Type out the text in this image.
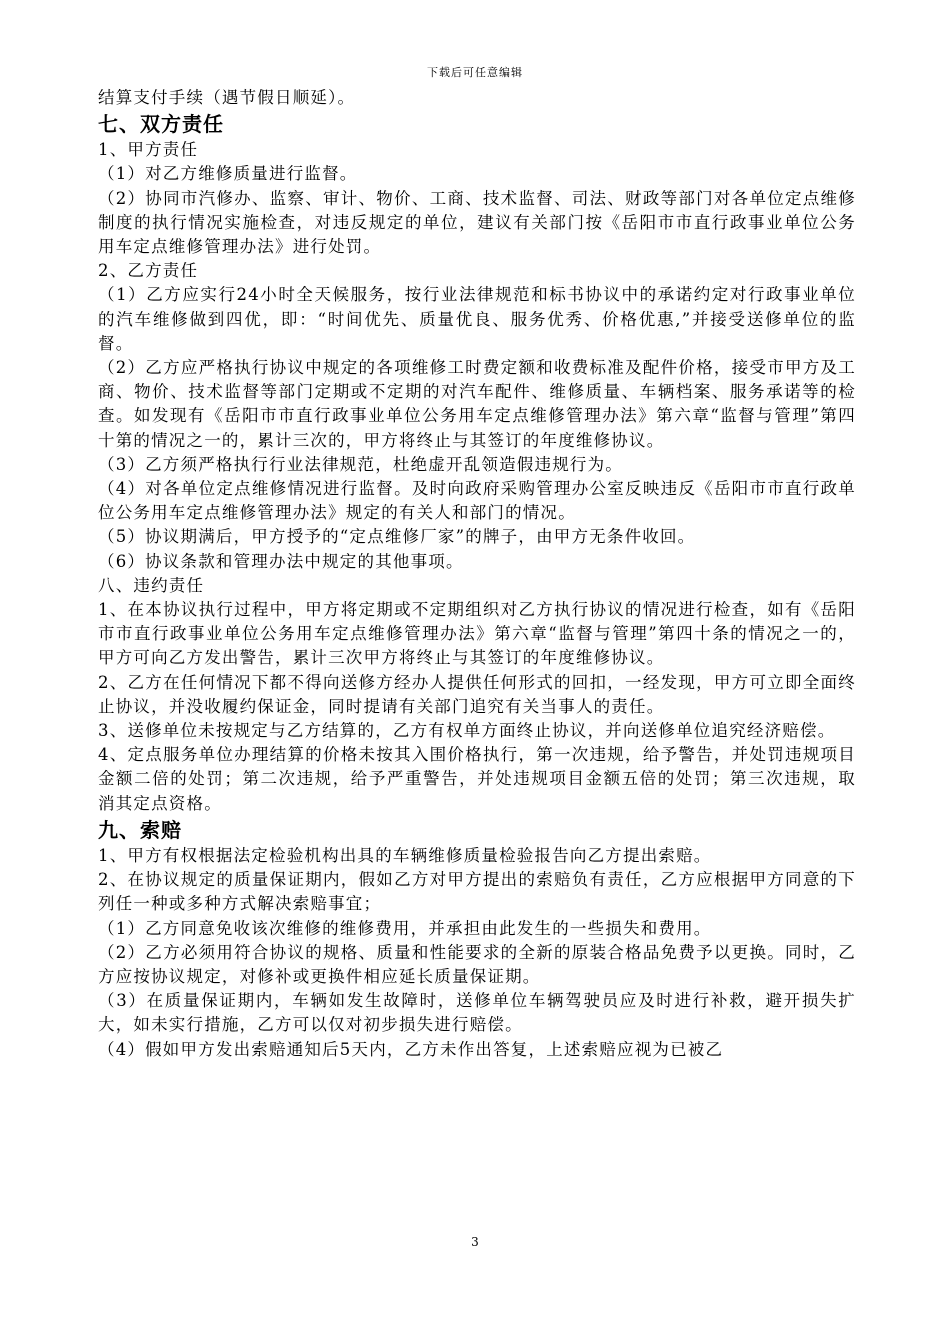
下载后可任意编辑

结算支付手续（遇节假日顺延）。

七、双方责任

1、甲方责任

（1）对乙方维修质量进行监督。

（2）协同市汽修办、监察、审计、物价、工商、技术监督、司法、财政等部门对各单位定点维修制度的执行情况实施检查，对违反规定的单位，建议有关部门按《岳阳市市直行政事业单位公务用车定点维修管理办法》进行处罚。

2、乙方责任

（1）乙方应实行24小时全天候服务，按行业法律规范和标书协议中的承诺约定对行政事业单位的汽车维修做到四优，即：“时间优先、质量优良、服务优秀、价格优惠,”并接受送修单位的监督。

（2）乙方应严格执行协议中规定的各项维修工时费定额和收费标准及配件价格，接受市甲方及工商、物价、技术监督等部门定期或不定期的对汽车配件、维修质量、车辆档案、服务承诺等的检查。如发现有《岳阳市市直行政事业单位公务用车定点维修管理办法》第六章“监督与管理”第四十第的情况之一的，累计三次的，甲方将终止与其签订的年度维修协议。

（3）乙方须严格执行行业法律规范，杜绝虚开乱领造假违规行为。

（4）对各单位定点维修情况进行监督。及时向政府采购管理办公室反映违反《岳阳市市直行政单位公务用车定点维修管理办法》规定的有关人和部门的情况。

（5）协议期满后，甲方授予的“定点维修厂家”的牌子，由甲方无条件收回。

（6）协议条款和管理办法中规定的其他事项。

八、违约责任

1、在本协议执行过程中，甲方将定期或不定期组织对乙方执行协议的情况进行检查，如有《岳阳市市直行政事业单位公务用车定点维修管理办法》第六章“监督与管理”第四十条的情况之一的，甲方可向乙方发出警告，累计三次甲方将终止与其签订的年度维修协议。

2、乙方在任何情况下都不得向送修方经办人提供任何形式的回扣，一经发现，甲方可立即全面终止协议，并没收履约保证金，同时提请有关部门追究有关当事人的责任。

3、送修单位未按规定与乙方结算的，乙方有权单方面终止协议，并向送修单位追究经济赔偿。

4、定点服务单位办理结算的价格未按其入围价格执行，第一次违规，给予警告，并处罚违规项目金额二倍的处罚；第二次违规，给予严重警告，并处违规项目金额五倍的处罚；第三次违规，取消其定点资格。

九、索赔

1、甲方有权根据法定检验机构出具的车辆维修质量检验报告向乙方提出索赔。

2、在协议规定的质量保证期内，假如乙方对甲方提出的索赔负有责任，乙方应根据甲方同意的下列任一种或多种方式解决索赔事宜；

（1）乙方同意免收该次维修的维修费用，并承担由此发生的一些损失和费用。

（2）乙方必须用符合协议的规格、质量和性能要求的全新的原装合格品免费予以更换。同时，乙方应按协议规定，对修补或更换件相应延长质量保证期。

（3）在质量保证期内，车辆如发生故障时，送修单位车辆驾驶员应及时进行补救，避开损失扩大，如未实行措施，乙方可以仅对初步损失进行赔偿。

（4）假如甲方发出索赔通知后5天内，乙方未作出答复，上述索赔应视为已被乙

3
